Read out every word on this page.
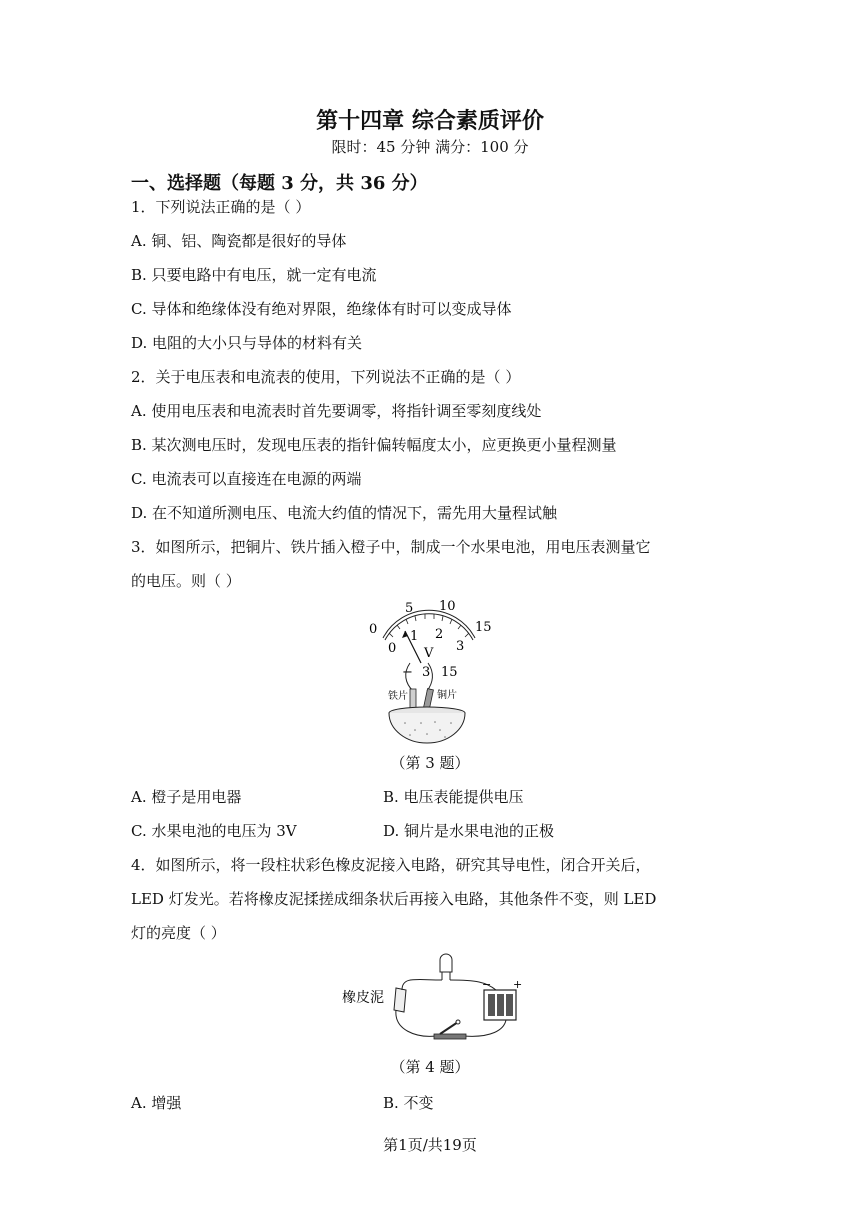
第十四章 综合素质评价
限时：45 分钟 满分：100 分
一、选择题（每题 3 分，共 36 分）
1．下列说法正确的是（ ）
A. 铜、铝、陶瓷都是很好的导体
B. 只要电路中有电压，就一定有电流
C. 导体和绝缘体没有绝对界限，绝缘体有时可以变成导体
D. 电阻的大小只与导体的材料有关
2．关于电压表和电流表的使用，下列说法不正确的是（ ）
A. 使用电压表和电流表时首先要调零，将指针调至零刻度线处
B. 某次测电压时，发现电压表的指针偏转幅度太小，应更换更小量程测量
C. 电流表可以直接连在电源的两端
D. 在不知道所测电压、电流大约值的情况下，需先用大量程试触
3．如图所示，把铜片、铁片插入橙子中，制成一个水果电池，用电压表测量它
的电压。则（ ）
0
5 10
15
0
1 2
3
V
− 3 15
铁片	铜片
（第 3 题）
A. 橙子是用电器	B. 电压表能提供电压
C. 水果电池的电压为 3V	D. 铜片是水果电池的正极
4．如图所示，将一段柱状彩色橡皮泥接入电路，研究其导电性，闭合开关后，
LED 灯发光。若将橡皮泥揉搓成细条状后再接入电路，其他条件不变，则 LED
灯的亮度（ ）
橡皮泥
− +
（第 4 题）
A. 增强	B. 不变
第1页/共19页
